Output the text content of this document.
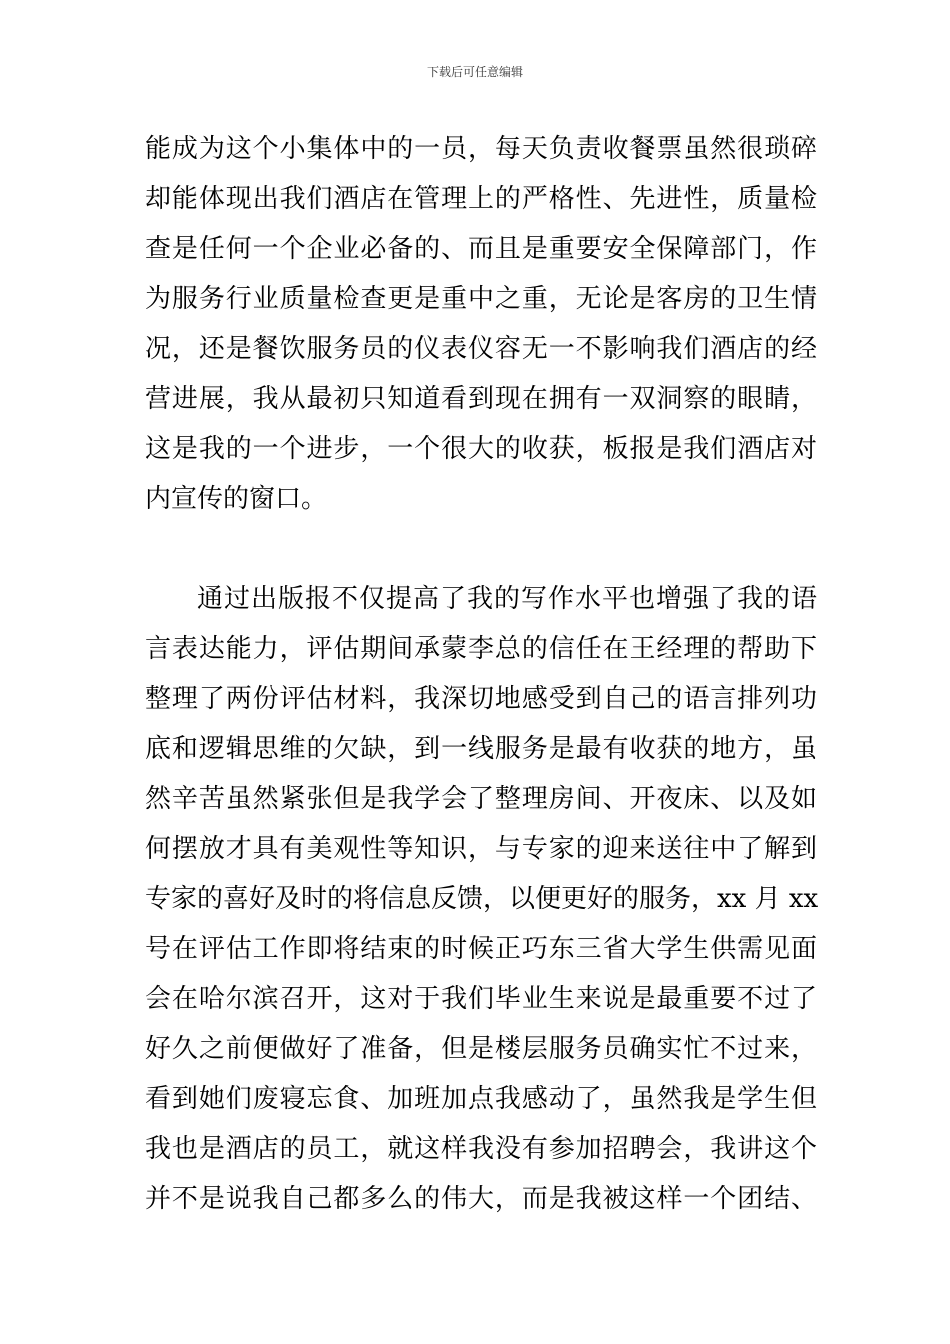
下载后可任意编辑
能成为这个小集体中的一员，每天负责收餐票虽然很琐碎
却能体现出我们酒店在管理上的严格性、先进性，质量检
查是任何一个企业必备的、而且是重要安全保障部门，作
为服务行业质量检查更是重中之重，无论是客房的卫生情
况，还是餐饮服务员的仪表仪容无一不影响我们酒店的经
营进展，我从最初只知道看到现在拥有一双洞察的眼睛，
这是我的一个进步，一个很大的收获，板报是我们酒店对
内宣传的窗口。
通过出版报不仅提高了我的写作水平也增强了我的语
言表达能力，评估期间承蒙李总的信任在王经理的帮助下
整理了两份评估材料，我深切地感受到自己的语言排列功
底和逻辑思维的欠缺，到一线服务是最有收获的地方，虽
然辛苦虽然紧张但是我学会了整理房间、开夜床、以及如
何摆放才具有美观性等知识，与专家的迎来送往中了解到
专家的喜好及时的将信息反馈，以便更好的服务，xx 月 xx
号在评估工作即将结束的时候正巧东三省大学生供需见面
会在哈尔滨召开，这对于我们毕业生来说是最重要不过了
好久之前便做好了准备，但是楼层服务员确实忙不过来，
看到她们废寝忘食、加班加点我感动了，虽然我是学生但
我也是酒店的员工，就这样我没有参加招聘会，我讲这个
并不是说我自己都多么的伟大，而是我被这样一个团结、
